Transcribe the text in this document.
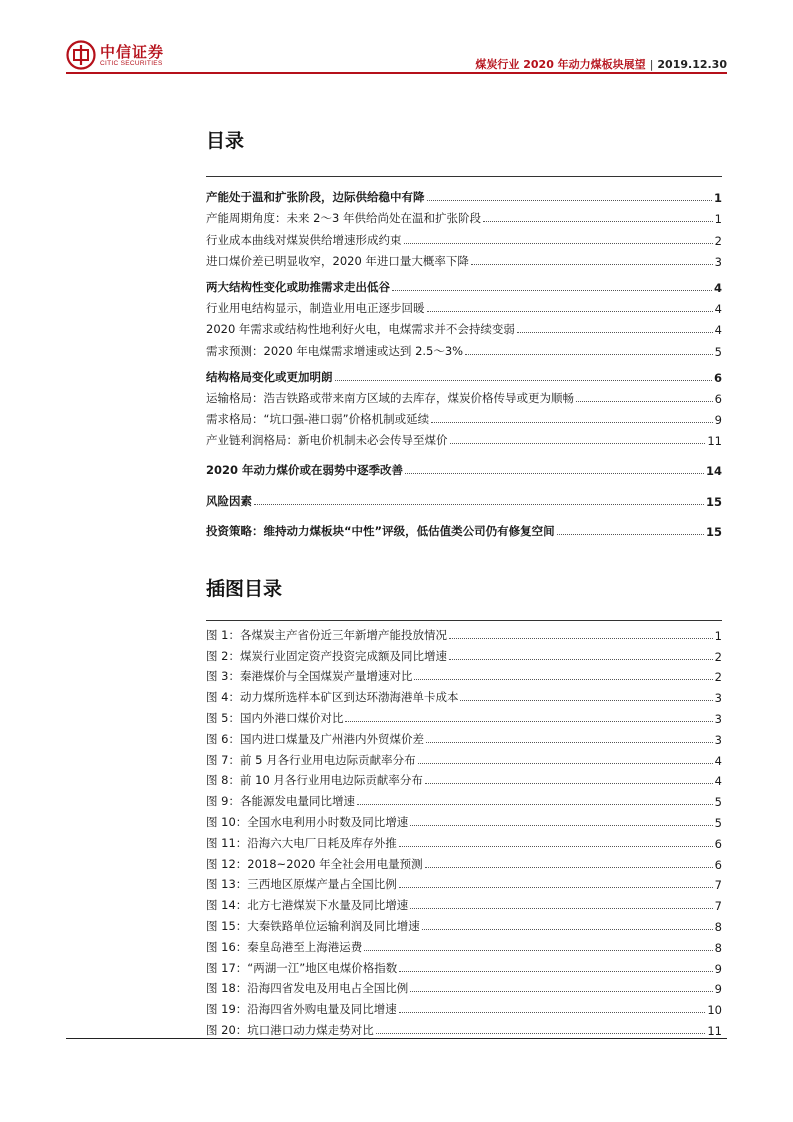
中信证券
CITIC SECURITIES	煤炭行业 2020 年动力煤板块展望 | 2019.12.30
目录
产能处于温和扩张阶段，边际供给稳中有降	1
产能周期角度：未来 2～3 年供给尚处在温和扩张阶段	1
行业成本曲线对煤炭供给增速形成约束	2
进口煤价差已明显收窄，2020 年进口量大概率下降	3
两大结构性变化或助推需求走出低谷	4
行业用电结构显示，制造业用电正逐步回暖	4
2020 年需求或结构性地利好火电，电煤需求并不会持续变弱	4
需求预测：2020 年电煤需求增速或达到 2.5～3%	5
结构格局变化或更加明朗	6
运输格局：浩吉铁路或带来南方区域的去库存，煤炭价格传导或更为顺畅	6
需求格局：“坑口强-港口弱”价格机制或延续	9
产业链利润格局：新电价机制未必会传导至煤价	11
2020 年动力煤价或在弱势中逐季改善	14
风险因素	15
投资策略：维持动力煤板块“中性”评级，低估值类公司仍有修复空间	15
插图目录
图 1：各煤炭主产省份近三年新增产能投放情况	1
图 2：煤炭行业固定资产投资完成额及同比增速	2
图 3：秦港煤价与全国煤炭产量增速对比	2
图 4：动力煤所选样本矿区到达环渤海港单卡成本	3
图 5：国内外港口煤价对比	3
图 6：国内进口煤量及广州港内外贸煤价差	3
图 7：前 5 月各行业用电边际贡献率分布	4
图 8：前 10 月各行业用电边际贡献率分布	4
图 9：各能源发电量同比增速	5
图 10：全国水电利用小时数及同比增速	5
图 11：沿海六大电厂日耗及库存外推	6
图 12：2018~2020 年全社会用电量预测	6
图 13：三西地区原煤产量占全国比例	7
图 14：北方七港煤炭下水量及同比增速	7
图 15：大秦铁路单位运输利润及同比增速	8
图 16：秦皇岛港至上海港运费	8
图 17：“两湖一江”地区电煤价格指数	9
图 18：沿海四省发电及用电占全国比例	9
图 19：沿海四省外购电量及同比增速	10
图 20：坑口港口动力煤走势对比	11
